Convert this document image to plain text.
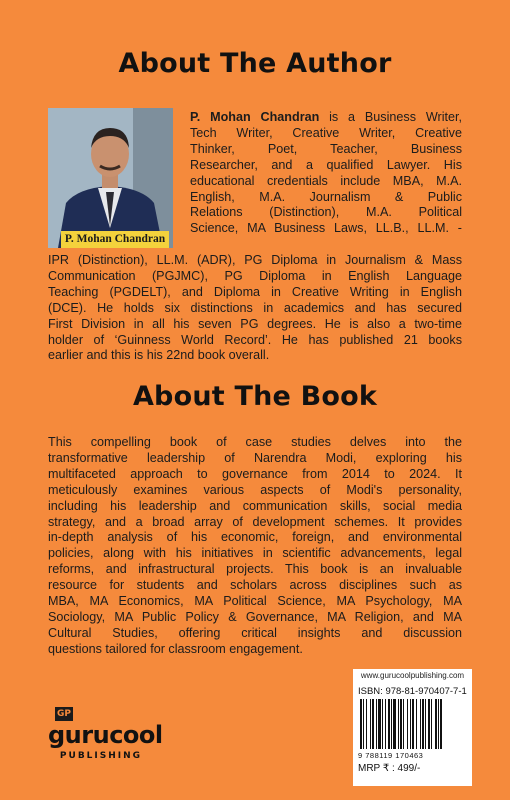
About The Author
P. Mohan Chandran
P. Mohan Chandran is a Business Writer,
Tech Writer, Creative Writer, Creative
Thinker, Poet, Teacher, Business
Researcher, and a qualified Lawyer. His
educational credentials include MBA, M.A.
English, M.A. Journalism & Public
Relations (Distinction), M.A. Political
Science, MA Business Laws, LL.B., LL.M. -
IPR (Distinction), LL.M. (ADR), PG Diploma in Journalism & Mass
Communication (PGJMC), PG Diploma in English Language
Teaching (PGDELT), and Diploma in Creative Writing in English
(DCE). He holds six distinctions in academics and has secured
First Division in all his seven PG degrees. He is also a two-time
holder of ‘Guinness World Record’. He has published 21 books
earlier and this is his 22nd book overall.
About The Book
This compelling book of case studies delves into the
transformative leadership of Narendra Modi, exploring his
multifaceted approach to governance from 2014 to 2024. It
meticulously examines various aspects of Modi's personality,
including his leadership and communication skills, social media
strategy, and a broad array of development schemes. It provides
in-depth analysis of his economic, foreign, and environmental
policies, along with his initiatives in scientific advancements, legal
reforms, and infrastructural projects. This book is an invaluable
resource for students and scholars across disciplines such as
MBA, MA Economics, MA Political Science, MA Psychology, MA
Sociology, MA Public Policy & Governance, MA Religion, and MA
Cultural Studies, offering critical insights and discussion
questions tailored for classroom engagement.
GP
gurucool
PUBLISHING
www.gurucoolpublishing.com
ISBN: 978-81-970407-7-1
9 788119 170463
MRP ₹ : 499/-
